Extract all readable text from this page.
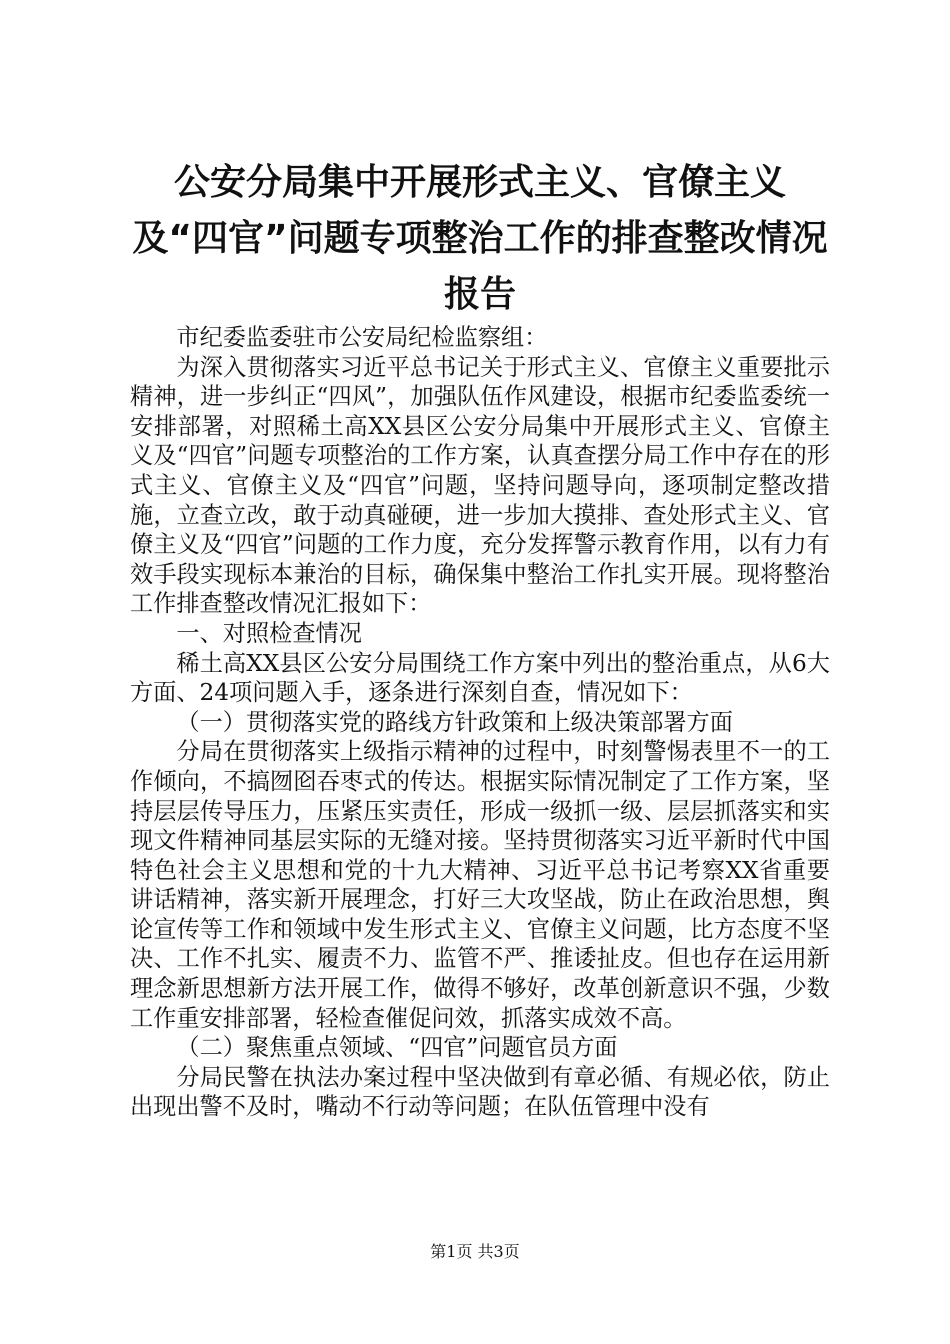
公安分局集中开展形式主义、官僚主义及“四官”问题专项整治工作的排查整改情况报告

市纪委监委驻市公安局纪检监察组：

为深入贯彻落实习近平总书记关于形式主义、官僚主义重要批示精神，进一步纠正“四风”，加强队伍作风建设，根据市纪委监委统一安排部署，对照稀土高XX县区公安分局集中开展形式主义、官僚主义及“四官”问题专项整治的工作方案，认真查摆分局工作中存在的形式主义、官僚主义及“四官”问题，坚持问题导向，逐项制定整改措施，立查立改，敢于动真碰硬，进一步加大摸排、查处形式主义、官僚主义及“四官”问题的工作力度，充分发挥警示教育作用，以有力有效手段实现标本兼治的目标，确保集中整治工作扎实开展。现将整治工作排查整改情况汇报如下：

一、对照检查情况

稀土高XX县区公安分局围绕工作方案中列出的整治重点，从6大方面、24项问题入手，逐条进行深刻自查，情况如下：

（一）贯彻落实党的路线方针政策和上级决策部署方面

分局在贯彻落实上级指示精神的过程中，时刻警惕表里不一的工作倾向，不搞囫囵吞枣式的传达。根据实际情况制定了工作方案，坚持层层传导压力，压紧压实责任，形成一级抓一级、层层抓落实和实现文件精神同基层实际的无缝对接。坚持贯彻落实习近平新时代中国特色社会主义思想和党的十九大精神、习近平总书记考察XX省重要讲话精神，落实新开展理念，打好三大攻坚战，防止在政治思想，舆论宣传等工作和领域中发生形式主义、官僚主义问题，比方态度不坚决、工作不扎实、履责不力、监管不严、推诿扯皮。但也存在运用新理念新思想新方法开展工作，做得不够好，改革创新意识不强，少数工作重安排部署，轻检查催促问效，抓落实成效不高。

（二）聚焦重点领域、“四官”问题官员方面

分局民警在执法办案过程中坚决做到有章必循、有规必依，防止出现出警不及时，嘴动不行动等问题；在队伍管理中没有

第1页 共3页
